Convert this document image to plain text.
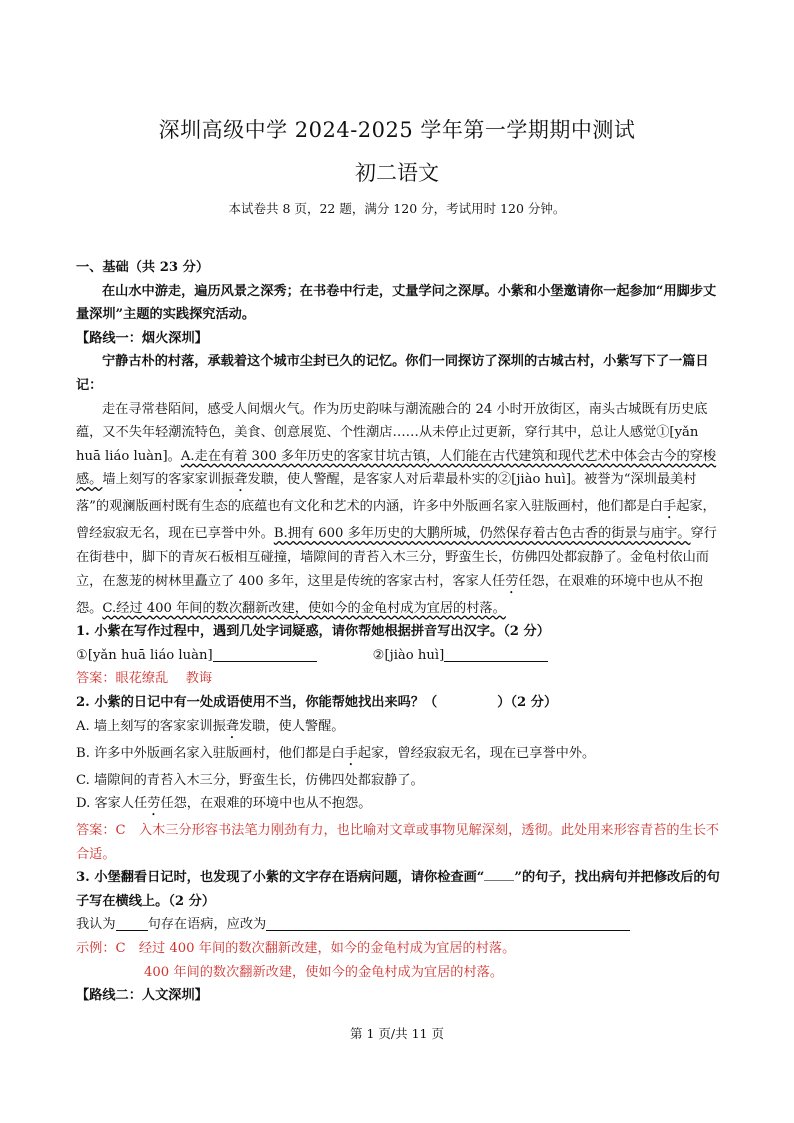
深圳高级中学 2024-2025 学年第一学期期中测试
初二语文
本试卷共 8 页，22 题，满分 120 分，考试用时 120 分钟。

一、基础（共 23 分）

在山水中游走，遍历风景之深秀；在书卷中行走，丈量学问之深厚。小紫和小堡邀请你一起参加“用脚步丈量深圳”主题的实践探究活动。

【路线一：烟火深圳】

宁静古朴的村落，承载着这个城市尘封已久的记忆。你们一同探访了深圳的古城古村，小紫写下了一篇日记：

走在寻常巷陌间，感受人间烟火气。作为历史韵味与潮流融合的 24 小时开放街区，南头古城既有历史底蕴，又不失年轻潮流特色，美食、创意展览、个性潮店……从未停止过更新，穿行其中，总让人感觉①[yǎn huā liáo luàn]。A.走在有着 300 多年历史的客家甘坑古镇，人们能在古代建筑和现代艺术中体会古今的穿梭感。墙上刻写的客家家训振聋发聩，使人警醒，是客家人对后辈最朴实的②[jiào huì]。被誉为“深圳最美村落”的观澜版画村既有生态的底蕴也有文化和艺术的内涵，许多中外版画名家入驻版画村，他们都是白手起家，曾经寂寂无名，现在已享誉中外。B.拥有 600 多年历史的大鹏所城，仍然保存着古色古香的街景与庙宇。穿行在街巷中，脚下的青灰石板相互碰撞，墙隙间的青苔入木三分，野蛮生长，仿佛四处都寂静了。金龟村依山而立，在葱茏的树林里矗立了 400 多年，这里是传统的客家古村，客家人任劳任怨，在艰难的环境中也从不抱怨。C.经过 400 年间的数次翻新改建，使如今的金龟村成为宜居的村落。

1. 小紫在写作过程中，遇到几处字词疑惑，请你帮她根据拼音写出汉字。（2 分）

①[yǎn huā liáo luàn]	②[jiào huì]

答案：眼花缭乱　 教诲

2. 小紫的日记中有一处成语使用不当，你能帮她找出来吗？（	）（2 分）

A. 墙上刻写的客家家训振聋发聩，使人警醒。

B. 许多中外版画名家入驻版画村，他们都是白手起家，曾经寂寂无名，现在已享誉中外。

C. 墙隙间的青苔入木三分，野蛮生长，仿佛四处都寂静了。

D. 客家人任劳任怨，在艰难的环境中也从不抱怨。

答案：C　入木三分形容书法笔力刚劲有力，也比喻对文章或事物见解深刻，透彻。此处用来形容青苔的生长不合适。

3. 小堡翻看日记时，也发现了小紫的文字存在语病问题，请你检查画“ ”的句子，找出病句并把修改后的句子写在横线上。（2 分）

我认为 句存在语病，应改为

示例：C　经过 400 年间的数次翻新改建，如今的金龟村成为宜居的村落。

400 年间的数次翻新改建，使如今的金龟村成为宜居的村落。

【路线二：人文深圳】

第 1 页/共 11 页
